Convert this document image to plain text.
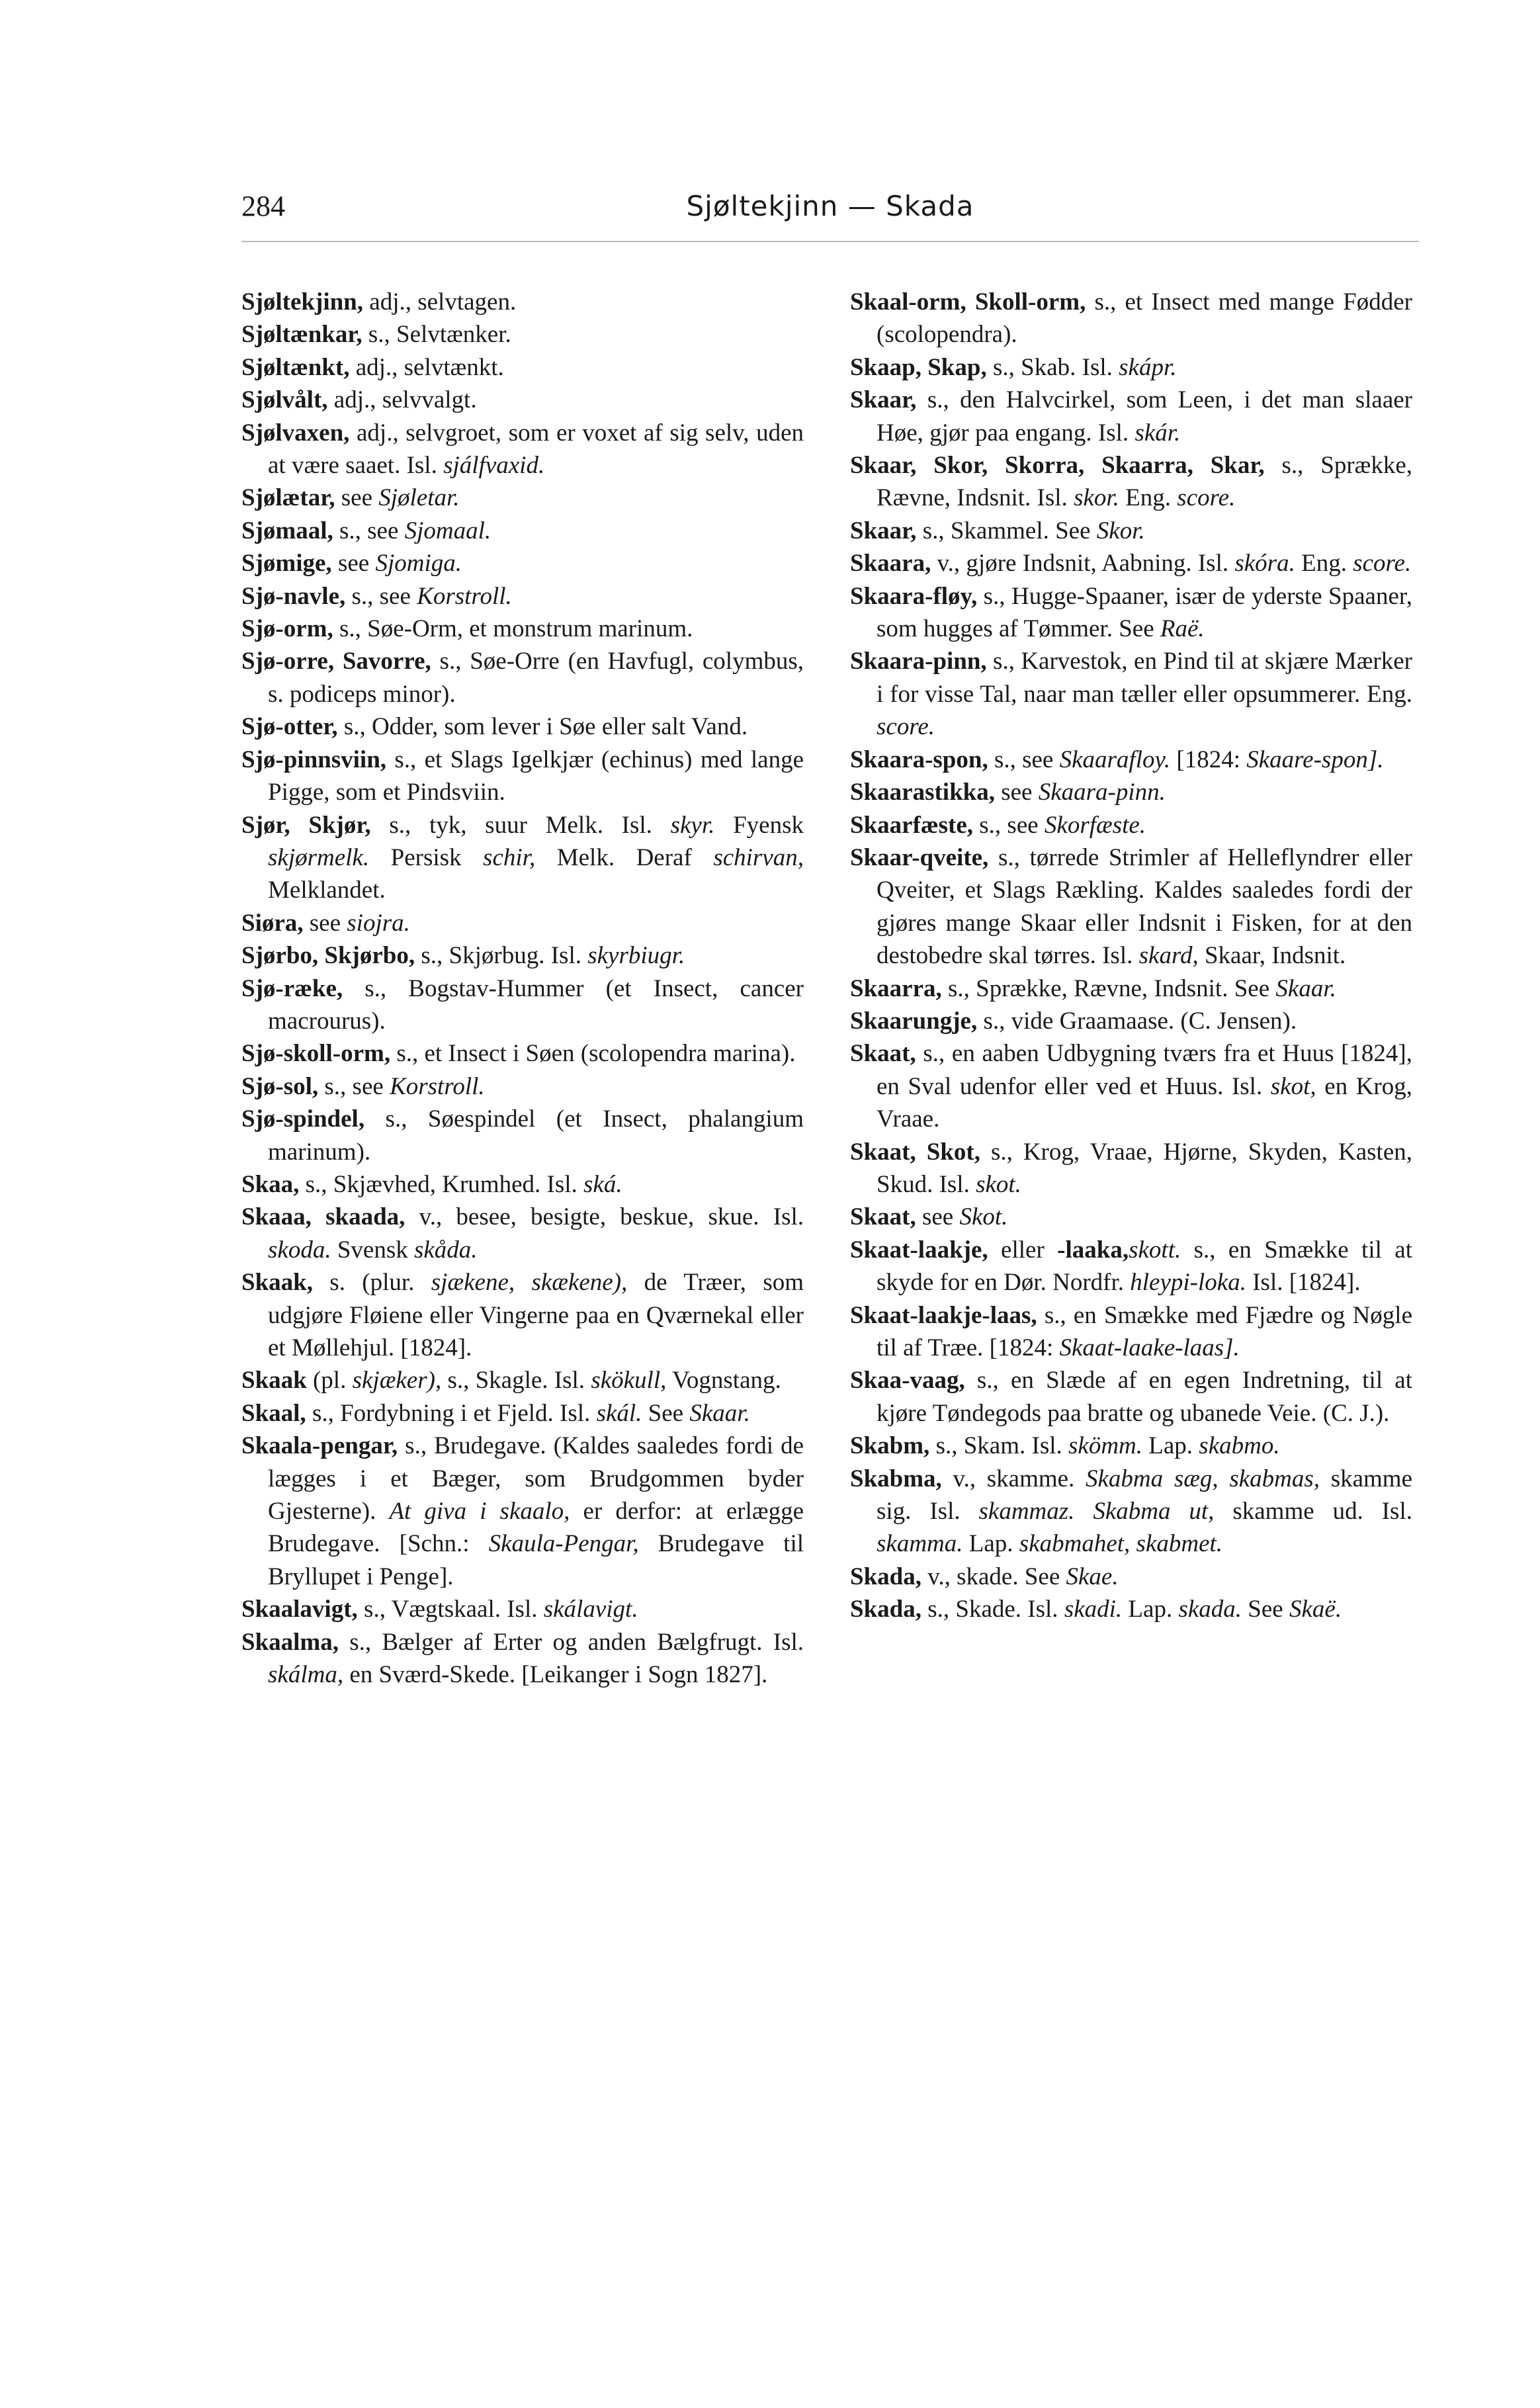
284	Sjøltekjinn — Skada

Sjøltekjinn, adj., selvtagen.

Sjøltænkar, s., Selvtænker.

Sjøltænkt, adj., selvtænkt.

Sjølvålt, adj., selvvalgt.

Sjølvaxen, adj., selvgroet, som er voxet af sig selv, uden at være saaet. Isl. sjálfvaxid.

Sjølætar, see Sjøletar.

Sjømaal, s., see Sjomaal.

Sjømige, see Sjomiga.

Sjø-navle, s., see Korstroll.

Sjø-orm, s., Søe-Orm, et monstrum marinum.

Sjø-orre, Savorre, s., Søe-Orre (en Havfugl, colymbus, s. podiceps minor).

Sjø-otter, s., Odder, som lever i Søe eller salt Vand.

Sjø-pinnsviin, s., et Slags Igelkjær (echinus) med lange Pigge, som et Pindsviin.

Sjør, Skjør, s., tyk, suur Melk. Isl. skyr. Fyensk skjørmelk. Persisk schir, Melk. Deraf schirvan, Melklandet.

Siøra, see siojra.

Sjørbo, Skjørbo, s., Skjørbug. Isl. skyrbiugr.

Sjø-ræke, s., Bogstav-Hummer (et Insect, cancer macrourus).

Sjø-skoll-orm, s., et Insect i Søen (scolopendra marina).

Sjø-sol, s., see Korstroll.

Sjø-spindel, s., Søespindel (et Insect, phalangium marinum).

Skaa, s., Skjævhed, Krumhed. Isl. ská.

Skaaa, skaada, v., besee, besigte, beskue, skue. Isl. skoda. Svensk skåda.

Skaak, s. (plur. sjækene, skækene), de Træer, som udgjøre Fløiene eller Vingerne paa en Qværnekal eller et Møllehjul. [1824].

Skaak (pl. skjæker), s., Skagle. Isl. skökull, Vognstang.

Skaal, s., Fordybning i et Fjeld. Isl. skál. See Skaar.

Skaala-pengar, s., Brudegave. (Kaldes saaledes fordi de lægges i et Bæger, som Brudgommen byder Gjesterne). At giva i skaalo, er derfor: at erlægge Brudegave. [Schn.: Skaula-Pengar, Brudegave til Bryllupet i Penge].

Skaalavigt, s., Vægtskaal. Isl. skálavigt.

Skaalma, s., Bælger af Erter og anden Bælgfrugt. Isl. skálma, en Sværd-Skede. [Leikanger i Sogn 1827].

Skaal-orm, Skoll-orm, s., et Insect med mange Fødder (scolopendra).

Skaap, Skap, s., Skab. Isl. skápr.

Skaar, s., den Halvcirkel, som Leen, i det man slaaer Høe, gjør paa engang. Isl. skár.

Skaar, Skor, Skorra, Skaarra, Skar, s., Sprække, Rævne, Indsnit. Isl. skor. Eng. score.

Skaar, s., Skammel. See Skor.

Skaara, v., gjøre Indsnit, Aabning. Isl. skóra. Eng. score.

Skaara-fløy, s., Hugge-Spaaner, især de yderste Spaaner, som hugges af Tømmer. See Raë.

Skaara-pinn, s., Karvestok, en Pind til at skjære Mærker i for visse Tal, naar man tæller eller opsummerer. Eng. score.

Skaara-spon, s., see Skaarafloy. [1824: Skaare-spon].

Skaarastikka, see Skaara-pinn.

Skaarfæste, s., see Skorfæste.

Skaar-qveite, s., tørrede Strimler af Helleflyndrer eller Qveiter, et Slags Rækling. Kaldes saaledes fordi der gjøres mange Skaar eller Indsnit i Fisken, for at den destobedre skal tørres. Isl. skard, Skaar, Indsnit.

Skaarra, s., Sprække, Rævne, Indsnit. See Skaar.

Skaarungje, s., vide Graamaase. (C. Jensen).

Skaat, s., en aaben Udbygning tværs fra et Huus [1824], en Sval udenfor eller ved et Huus. Isl. skot, en Krog, Vraae.

Skaat, Skot, s., Krog, Vraae, Hjørne, Skyden, Kasten, Skud. Isl. skot.

Skaat, see Skot.

Skaat-laakje, eller -laaka,skott. s., en Smække til at skyde for en Dør. Nordfr. hleypi-loka. Isl. [1824].

Skaat-laakje-laas, s., en Smække med Fjædre og Nøgle til af Træe. [1824: Skaat-laake-laas].

Skaa-vaag, s., en Slæde af en egen Indretning, til at kjøre Tøndegods paa bratte og ubanede Veie. (C. J.).

Skabm, s., Skam. Isl. skömm. Lap. skabmo.

Skabma, v., skamme. Skabma sæg, skabmas, skamme sig. Isl. skammaz. Skabma ut, skamme ud. Isl. skamma. Lap. skabmahet, skabmet.

Skada, v., skade. See Skae.

Skada, s., Skade. Isl. skadi. Lap. skada. See Skaë.
